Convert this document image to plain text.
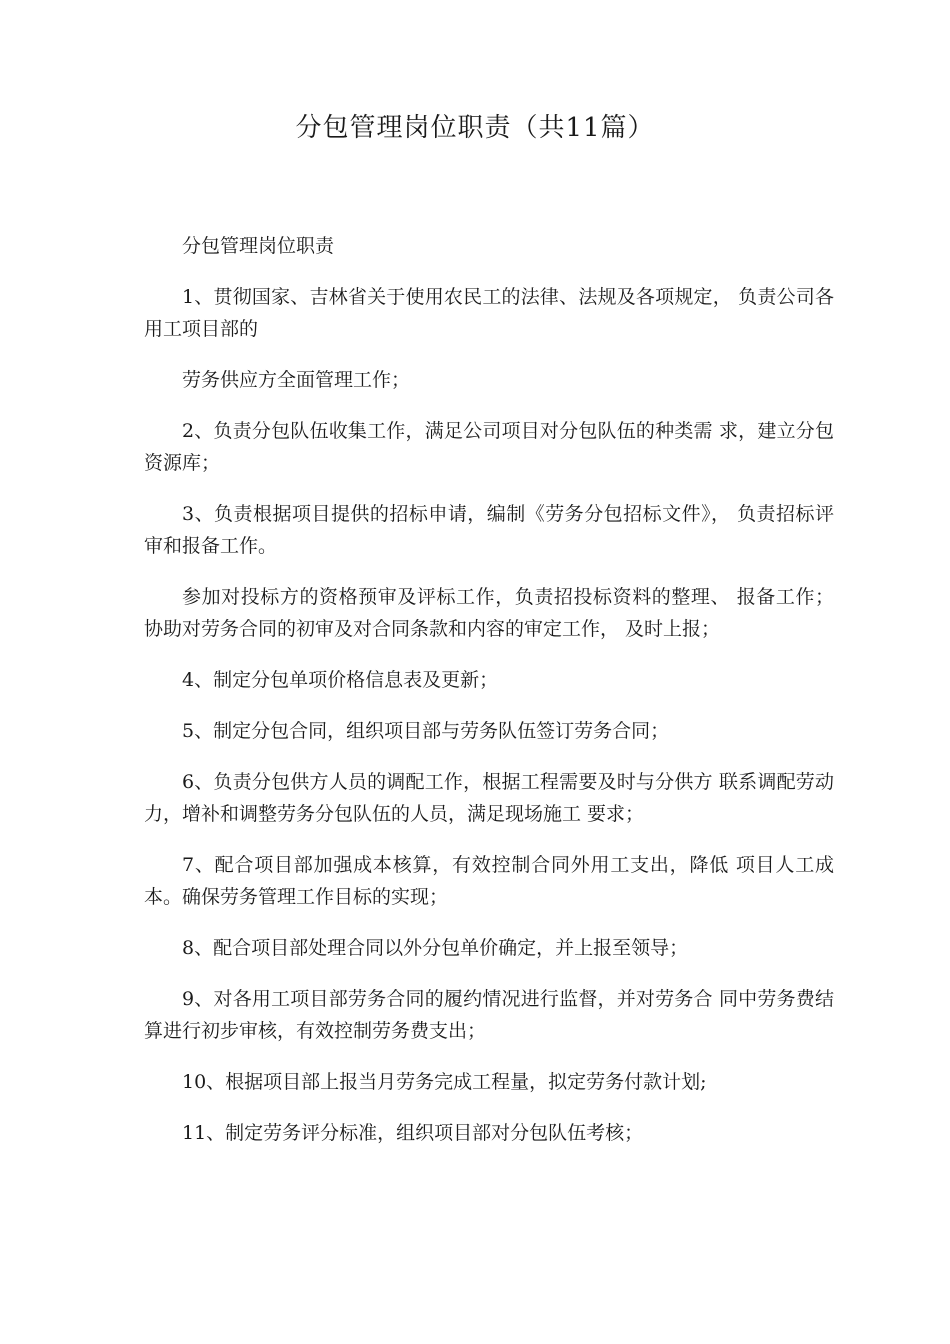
分包管理岗位职责（共11篇）

分包管理岗位职责

1、贯彻国家、吉林省关于使用农民工的法律、法规及各项规定， 负责公司各用工项目部的

劳务供应方全面管理工作；

2、负责分包队伍收集工作，满足公司项目对分包队伍的种类需 求，建立分包资源库；

3、负责根据项目提供的招标申请，编制《劳务分包招标文件》， 负责招标评审和报备工作。

参加对投标方的资格预审及评标工作，负责招投标资料的整理、 报备工作；协助对劳务合同的初审及对合同条款和内容的审定工作， 及时上报；

4、制定分包单项价格信息表及更新；

5、制定分包合同，组织项目部与劳务队伍签订劳务合同；

6、负责分包供方人员的调配工作，根据工程需要及时与分供方 联系调配劳动力，增补和调整劳务分包队伍的人员，满足现场施工 要求；

7、配合项目部加强成本核算，有效控制合同外用工支出，降低 项目人工成本。确保劳务管理工作目标的实现；

8、配合项目部处理合同以外分包单价确定，并上报至领导；

9、对各用工项目部劳务合同的履约情况进行监督，并对劳务合 同中劳务费结算进行初步审核，有效控制劳务费支出；

10、根据项目部上报当月劳务完成工程量，拟定劳务付款计划;

11、制定劳务评分标准，组织项目部对分包队伍考核；
